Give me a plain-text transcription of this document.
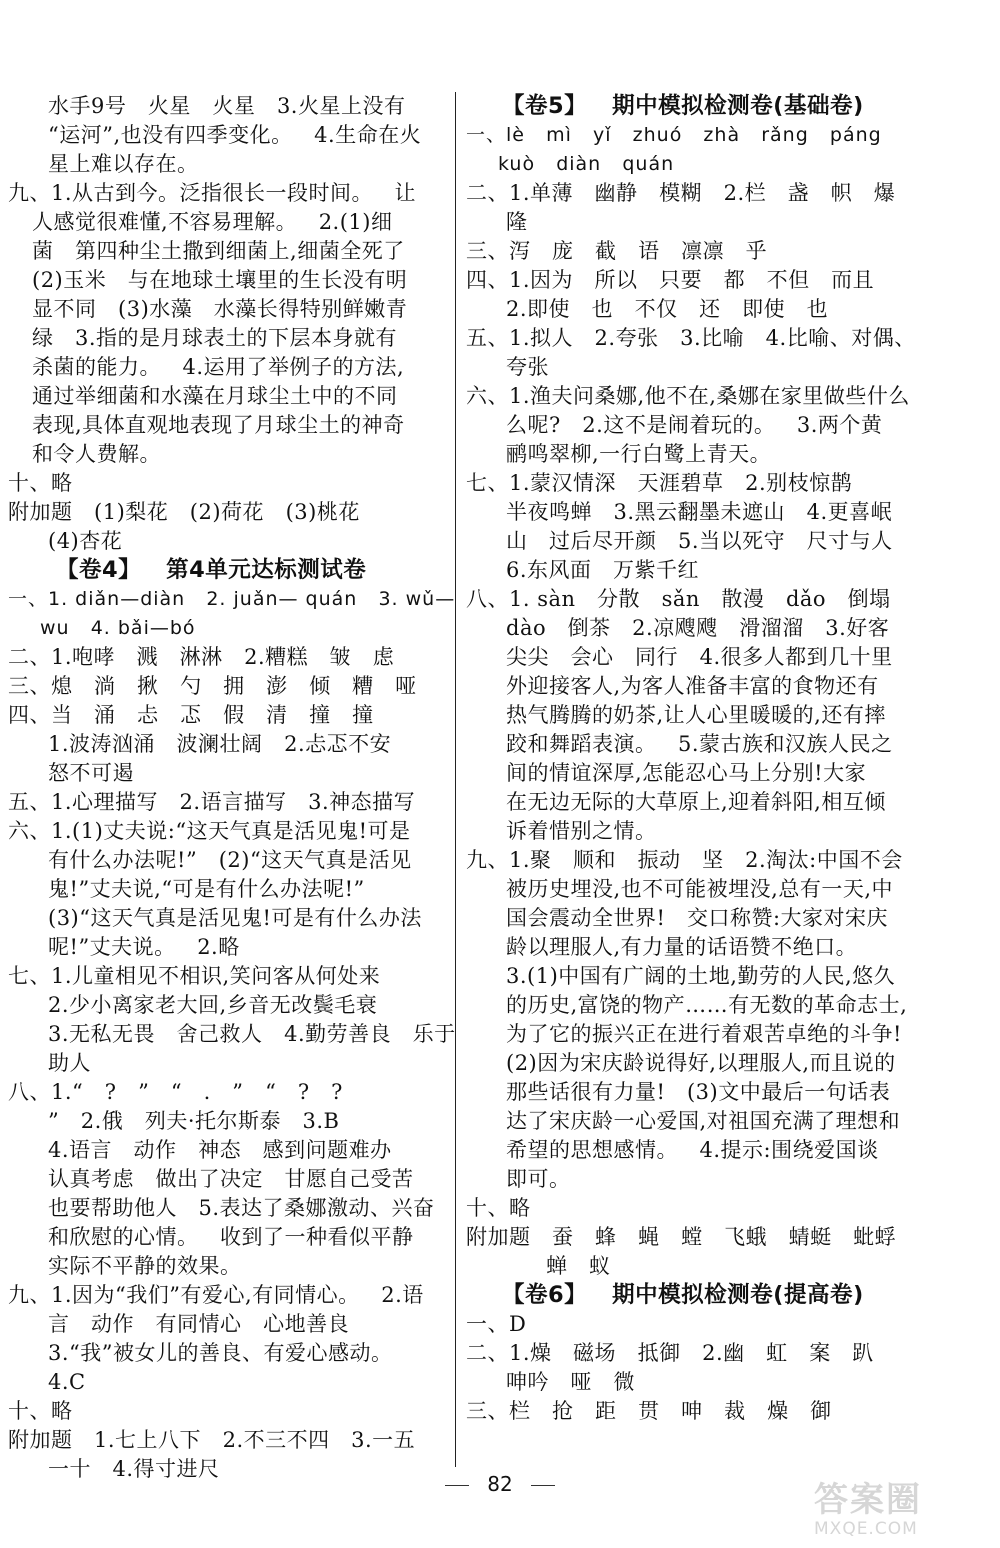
水手9号   火星   火星   3.火星上没有
“运河”,也没有四季变化。   4.生命在火
星上难以存在。
九、1.从古到今。泛指很长一段时间。   让
人感觉很难懂,不容易理解。   2.(1)细
菌   第四种尘土撒到细菌上,细菌全死了
(2)玉米   与在地球土壤里的生长没有明
显不同   (3)水藻   水藻长得特别鲜嫩青
绿   3.指的是月球表土的下层本身就有
杀菌的能力。   4.运用了举例子的方法,
通过举细菌和水藻在月球尘土中的不同
表现,具体直观地表现了月球尘土的神奇
和令人费解。
十、略
附加题   (1)梨花   (2)荷花   (3)桃花
(4)杏花
【卷4】   第4单元达标测试卷
一、1. diǎn—diàn   2. juǎn— quán   3. wǔ—
wu   4. bǎi—bó
二、1.咆哮   溅   淋淋   2.糟糕   皱   虑
三、熄   淌   揪   勺   拥   澎   倾   糟   哑
四、当   涌   忐   忑   假   清   撞   撞
1.波涛汹涌   波澜壮阔   2.忐忑不安
怒不可遏
五、1.心理描写   2.语言描写   3.神态描写
六、1.(1)丈夫说:“这天气真是活见鬼!可是
有什么办法呢!”   (2)“这天气真是活见
鬼!”丈夫说,“可是有什么办法呢!”
(3)“这天气真是活见鬼!可是有什么办法
呢!”丈夫说。   2.略
七、1.儿童相见不相识,笑问客从何处来
2.少小离家老大回,乡音无改鬓毛衰
3.无私无畏   舍己救人   4.勤劳善良   乐于
助人
八、1.“   ?   ”   “   .   ”   “   ?   ?
”   2.俄   列夫·托尔斯泰   3.B
4.语言   动作   神态   感到问题难办
认真考虑   做出了决定   甘愿自己受苦
也要帮助他人   5.表达了桑娜激动、兴奋
和欣慰的心情。   收到了一种看似平静
实际不平静的效果。
九、1.因为“我们”有爱心,有同情心。   2.语
言   动作   有同情心   心地善良
3.“我”被女儿的善良、有爱心感动。
4.C
十、略
附加题   1.七上八下   2.不三不四   3.一五
一十   4.得寸进尺
【卷5】   期中模拟检测卷(基础卷)
一、lè   mì   yǐ   zhuó   zhà   rǎng   páng
kuò   diàn   quán
二、1.单薄   幽静   模糊   2.栏   盏   帜   爆
隆
三、泻   庞   截   语   凛凛   乎
四、1.因为   所以   只要   都   不但   而且
2.即使   也   不仅   还   即使   也
五、1.拟人   2.夸张   3.比喻   4.比喻、对偶、
夸张
六、1.渔夫问桑娜,他不在,桑娜在家里做些什么
么呢?   2.这不是闹着玩的。   3.两个黄
鹂鸣翠柳,一行白鹭上青天。
七、1.蒙汉情深   天涯碧草   2.别枝惊鹊
半夜鸣蝉   3.黑云翻墨未遮山   4.更喜岷
山   过后尽开颜   5.当以死守   尺寸与人
6.东风面   万紫千红
八、1. sàn   分散   sǎn   散漫   dǎo   倒塌
dào   倒茶   2.凉飕飕   滑溜溜   3.好客
尖尖   会心   同行   4.很多人都到几十里
外迎接客人,为客人准备丰富的食物还有
热气腾腾的奶茶,让人心里暖暖的,还有摔
跤和舞蹈表演。   5.蒙古族和汉族人民之
间的情谊深厚,怎能忍心马上分别!大家
在无边无际的大草原上,迎着斜阳,相互倾
诉着惜别之情。
九、1.聚   顺和   振动   坚   2.淘汰:中国不会
被历史埋没,也不可能被埋没,总有一天,中
国会震动全世界!   交口称赞:大家对宋庆
龄以理服人,有力量的话语赞不绝口。
3.(1)中国有广阔的土地,勤劳的人民,悠久
的历史,富饶的物产……有无数的革命志士,
为了它的振兴正在进行着艰苦卓绝的斗争!
(2)因为宋庆龄说得好,以理服人,而且说的
那些话很有力量!   (3)文中最后一句话表
达了宋庆龄一心爱国,对祖国充满了理想和
希望的思想感情。   4.提示:围绕爱国谈
即可。
十、略
附加题   蚕   蜂   蝇   螳   飞蛾   蜻蜓   蚍蜉
蝉   蚁
【卷6】   期中模拟检测卷(提高卷)
一、D
二、1.燥   磁场   抵御   2.幽   虹   案   趴
呻吟   哑   微
三、栏   抢   距   贯   呻   裁   燥   御
82	答案圈
MXQE.COM
